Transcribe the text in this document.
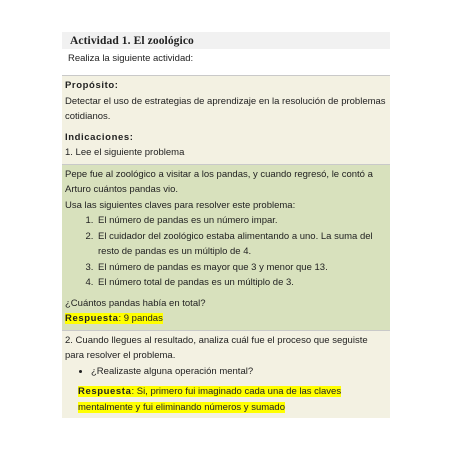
Actividad 1. El zoológico
Realiza la siguiente actividad:
Propósito:
Detectar el uso de estrategias de aprendizaje en la resolución de problemas cotidianos.
Indicaciones:
1. Lee el siguiente problema
Pepe fue al zoológico a visitar a los pandas, y cuando regresó, le contó a Arturo cuántos pandas vio.
Usa las siguientes claves para resolver este problema:
1. El número de pandas es un número impar.
2. El cuidador del zoológico estaba alimentando a uno. La suma del resto de pandas es un múltiplo de 4.
3. El número de pandas es mayor que 3 y menor que 13.
4. El número total de pandas es un múltiplo de 3.
¿Cuántos pandas había en total?
Respuesta: 9 pandas
2. Cuando llegues al resultado, analiza cuál fue el proceso que seguiste para resolver el problema.
• ¿Realizaste alguna operación mental?
Respuesta: Si, primero fui imaginado cada una de las claves mentalmente y fui eliminando números y sumado
